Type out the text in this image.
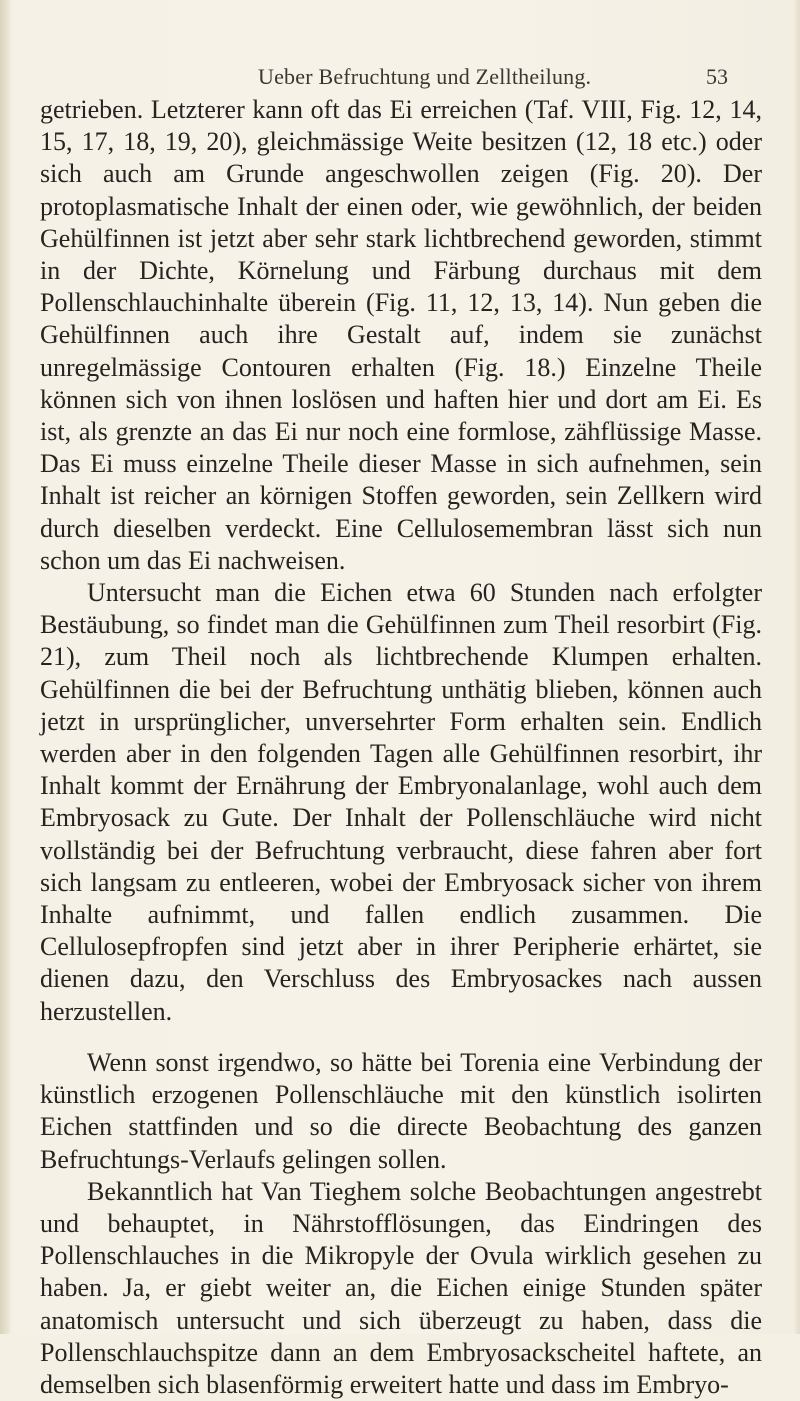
Ueber Befruchtung und Zelltheilung.	53

getrieben. Letzterer kann oft das Ei erreichen (Taf. VIII, Fig. 12, 14, 15, 17, 18, 19, 20), gleichmässige Weite besitzen (12, 18 etc.) oder sich auch am Grunde angeschwollen zeigen (Fig. 20). Der protoplasmatische Inhalt der einen oder, wie gewöhnlich, der beiden Gehülfinnen ist jetzt aber sehr stark lichtbrechend geworden, stimmt in der Dichte, Körnelung und Färbung durchaus mit dem Pollenschlauchinhalte überein (Fig. 11, 12, 13, 14). Nun geben die Gehülfinnen auch ihre Gestalt auf, indem sie zunächst unregelmässige Contouren erhalten (Fig. 18.) Einzelne Theile können sich von ihnen loslösen und haften hier und dort am Ei. Es ist, als grenzte an das Ei nur noch eine formlose, zähflüssige Masse. Das Ei muss einzelne Theile dieser Masse in sich aufnehmen, sein Inhalt ist reicher an körnigen Stoffen geworden, sein Zellkern wird durch dieselben verdeckt. Eine Cellulosemembran lässt sich nun schon um das Ei nachweisen.

Untersucht man die Eichen etwa 60 Stunden nach erfolgter Bestäubung, so findet man die Gehülfinnen zum Theil resorbirt (Fig. 21), zum Theil noch als lichtbrechende Klumpen erhalten. Gehülfinnen die bei der Befruchtung unthätig blieben, können auch jetzt in ursprünglicher, unversehrter Form erhalten sein. Endlich werden aber in den folgenden Tagen alle Gehülfinnen resorbirt, ihr Inhalt kommt der Ernährung der Embryonalanlage, wohl auch dem Embryosack zu Gute. Der Inhalt der Pollenschläuche wird nicht vollständig bei der Befruchtung verbraucht, diese fahren aber fort sich langsam zu entleeren, wobei der Embryosack sicher von ihrem Inhalte aufnimmt, und fallen endlich zusammen. Die Cellulosepfropfen sind jetzt aber in ihrer Peripherie erhärtet, sie dienen dazu, den Verschluss des Embryosackes nach aussen herzustellen.

Wenn sonst irgendwo, so hätte bei Torenia eine Verbindung der künstlich erzogenen Pollenschläuche mit den künstlich isolirten Eichen stattfinden und so die directe Beobachtung des ganzen Befruchtungs-Verlaufs gelingen sollen.

Bekanntlich hat Van Tieghem solche Beobachtungen angestrebt und behauptet, in Nährstofflösungen, das Eindringen des Pollenschlauches in die Mikropyle der Ovula wirklich gesehen zu haben. Ja, er giebt weiter an, die Eichen einige Stunden später anatomisch untersucht und sich überzeugt zu haben, dass die Pollenschlauchspitze dann an dem Embryosackscheitel haftete, an demselben sich blasenförmig erweitert hatte und dass im Embryo-
